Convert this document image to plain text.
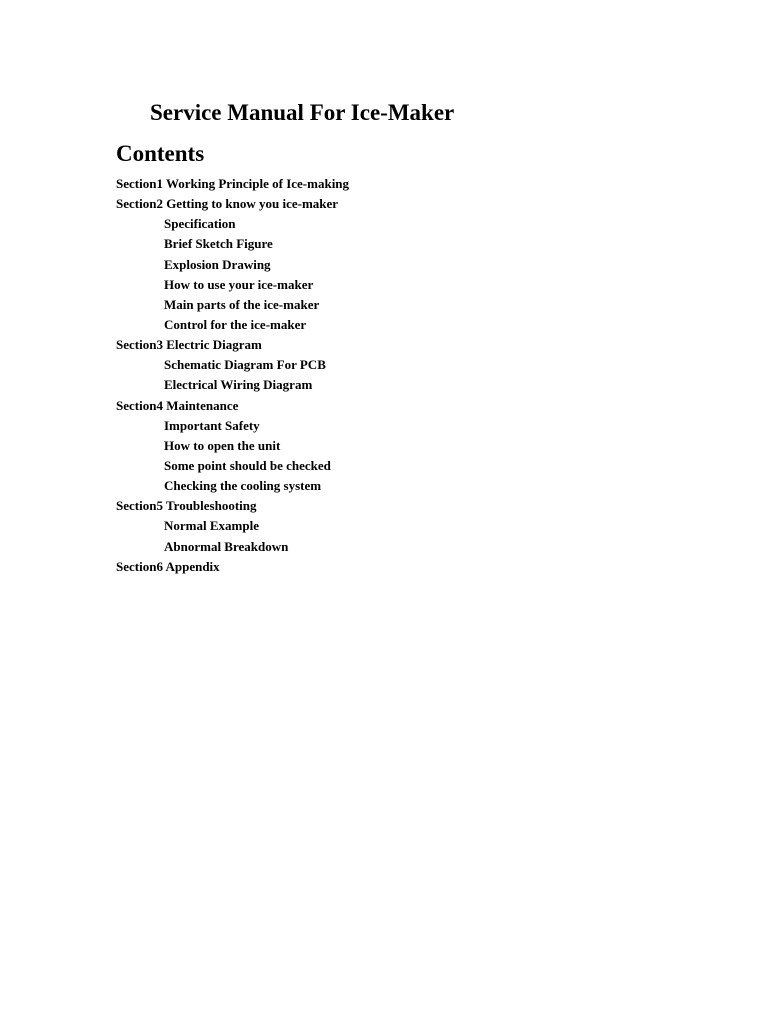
Service Manual For Ice-Maker
Contents
Section1 Working Principle of Ice-making
Section2 Getting to know you ice-maker
Specification
Brief Sketch Figure
Explosion Drawing
How to use your ice-maker
Main parts of the ice-maker
Control for the ice-maker
Section3 Electric Diagram
Schematic Diagram For PCB
Electrical Wiring Diagram
Section4 Maintenance
Important Safety
How to open the unit
Some point should be checked
Checking the cooling system
Section5 Troubleshooting
Normal Example
Abnormal Breakdown
Section6 Appendix
